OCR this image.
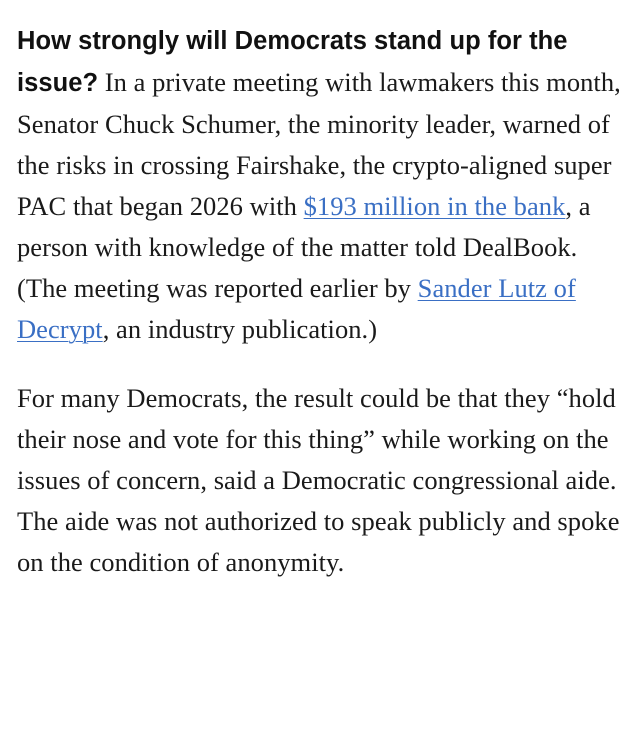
How strongly will Democrats stand up for the issue? In a private meeting with lawmakers this month, Senator Chuck Schumer, the minority leader, warned of the risks in crossing Fairshake, the crypto-aligned super PAC that began 2026 with $193 million in the bank, a person with knowledge of the matter told DealBook. (The meeting was reported earlier by Sander Lutz of Decrypt, an industry publication.)

For many Democrats, the result could be that they “hold their nose and vote for this thing” while working on the issues of concern, said a Democratic congressional aide. The aide was not authorized to speak publicly and spoke on the condition of anonymity.
